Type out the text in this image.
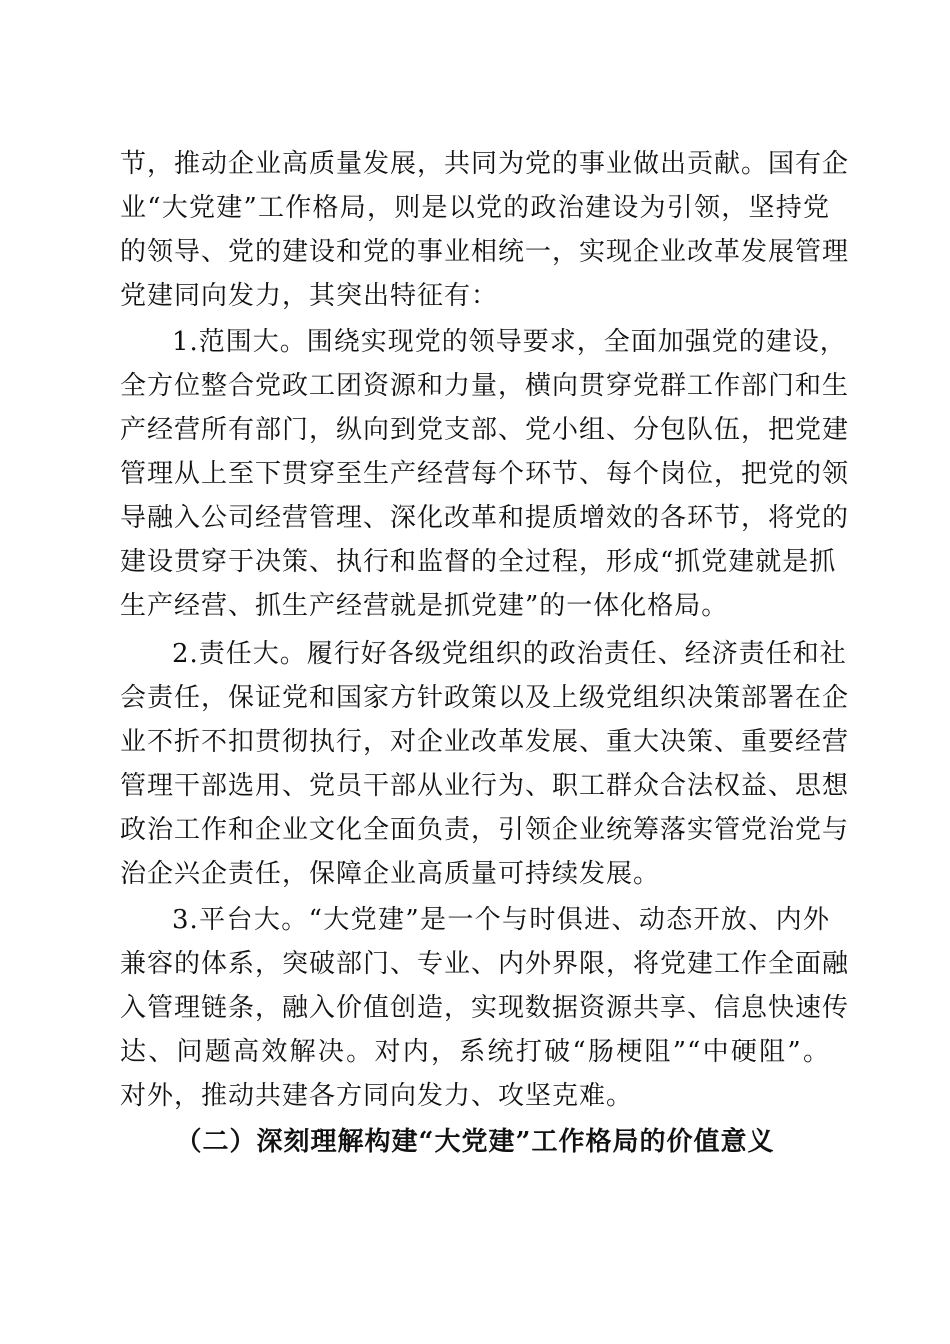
节，推动企业高质量发展，共同为党的事业做出贡献。国有企
业“大党建”工作格局，则是以党的政治建设为引领，坚持党
的领导、党的建设和党的事业相统一，实现企业改革发展管理
党建同向发力，其突出特征有：
1.范围大。围绕实现党的领导要求，全面加强党的建设，
全方位整合党政工团资源和力量，横向贯穿党群工作部门和生
产经营所有部门，纵向到党支部、党小组、分包队伍，把党建
管理从上至下贯穿至生产经营每个环节、每个岗位，把党的领
导融入公司经营管理、深化改革和提质增效的各环节，将党的
建设贯穿于决策、执行和监督的全过程，形成“抓党建就是抓
生产经营、抓生产经营就是抓党建”的一体化格局。
2.责任大。履行好各级党组织的政治责任、经济责任和社
会责任，保证党和国家方针政策以及上级党组织决策部署在企
业不折不扣贯彻执行，对企业改革发展、重大决策、重要经营
管理干部选用、党员干部从业行为、职工群众合法权益、思想
政治工作和企业文化全面负责，引领企业统筹落实管党治党与
治企兴企责任，保障企业高质量可持续发展。
3.平台大。“大党建”是一个与时俱进、动态开放、内外
兼容的体系，突破部门、专业、内外界限，将党建工作全面融
入管理链条，融入价值创造，实现数据资源共享、信息快速传
达、问题高效解决。对内，系统打破“肠梗阻”“中硬阻”。
对外，推动共建各方同向发力、攻坚克难。
（二）深刻理解构建“大党建”工作格局的价值意义
